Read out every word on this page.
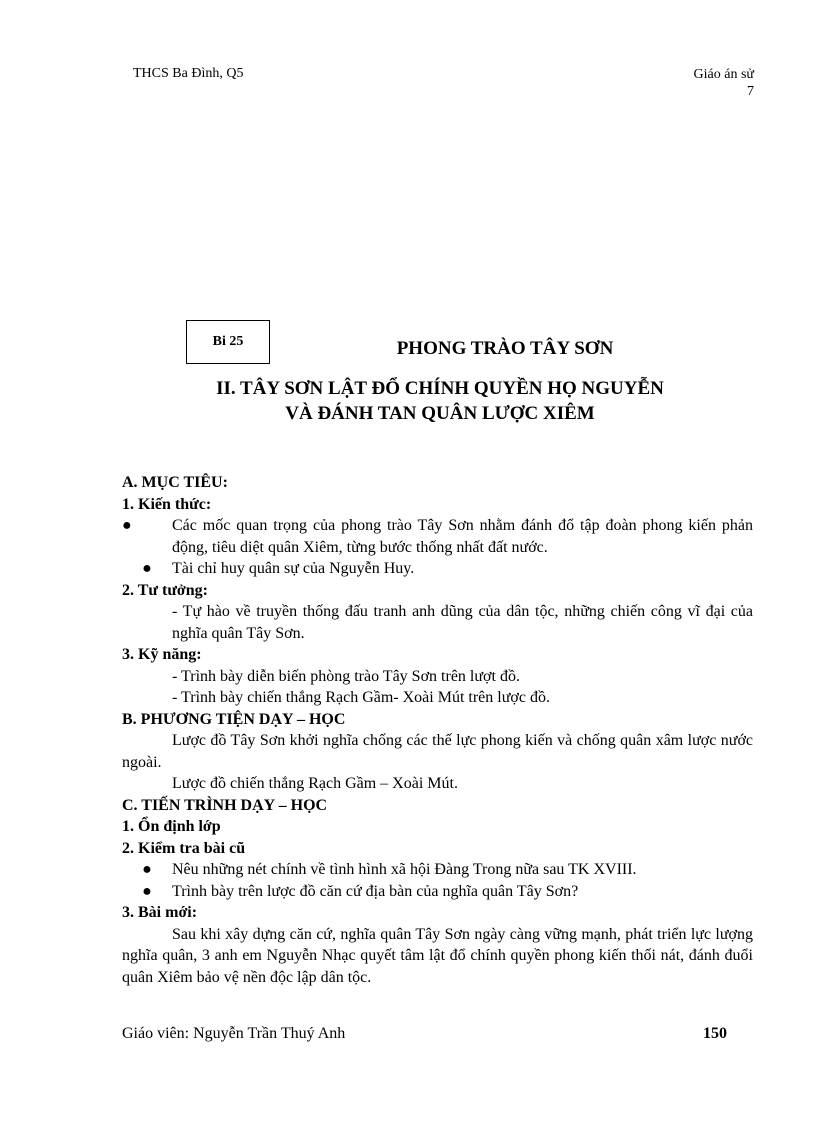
THCS Ba Đình, Q5	Giáo án sử
7
Bi 25	PHONG TRÀO TÂY SƠN
II. TÂY SƠN LẬT ĐỔ CHÍNH QUYỀN HỌ NGUYỄN
VÀ ĐÁNH TAN QUÂN LƯỢC XIÊM

A. MỤC TIÊU:

1. Kiến thức:

●	Các mốc quan trọng của phong trào Tây Sơn nhằm đánh đổ tập đoàn phong kiến phản động, tiêu diệt quân Xiêm, từng bước thống nhất đất nước.
●	Tài chỉ huy quân sự của Nguyễn Huy.

2. Tư tưởng:

- Tự hào về truyền thống đấu tranh anh dũng của dân tộc, những chiến công vĩ đại của nghĩa quân Tây Sơn.

3. Kỹ năng:

- Trình bày diễn biến phòng trào Tây Sơn trên lượt đồ.

- Trình bày chiến thắng Rạch Gầm- Xoài Mút trên lược đồ.

B. PHƯƠNG TIỆN DẠY – HỌC

Lược đồ Tây Sơn khởi nghĩa chống các thế lực phong kiến và chống quân xâm lược nước ngoài.

Lược đồ chiến thắng Rạch Gầm – Xoài Mút.

C. TIẾN TRÌNH DẠY – HỌC

1. Ổn định lớp

2. Kiểm tra bài cũ

●	Nêu những nét chính về tình hình xã hội Đàng Trong nữa sau TK XVIII.
●	Trình bày trên lược đồ căn cứ địa bàn của nghĩa quân Tây Sơn?

3. Bài mới:

Sau khi xây dựng căn cứ, nghĩa quân Tây Sơn ngày càng vững mạnh, phát triển lực lượng nghĩa quân, 3 anh em Nguyễn Nhạc quyết tâm lật đổ chính quyền phong kiến thối nát, đánh đuổi quân Xiêm bảo vệ nền độc lập dân tộc.

Giáo viên: Nguyễn Trần Thuý Anh	150
